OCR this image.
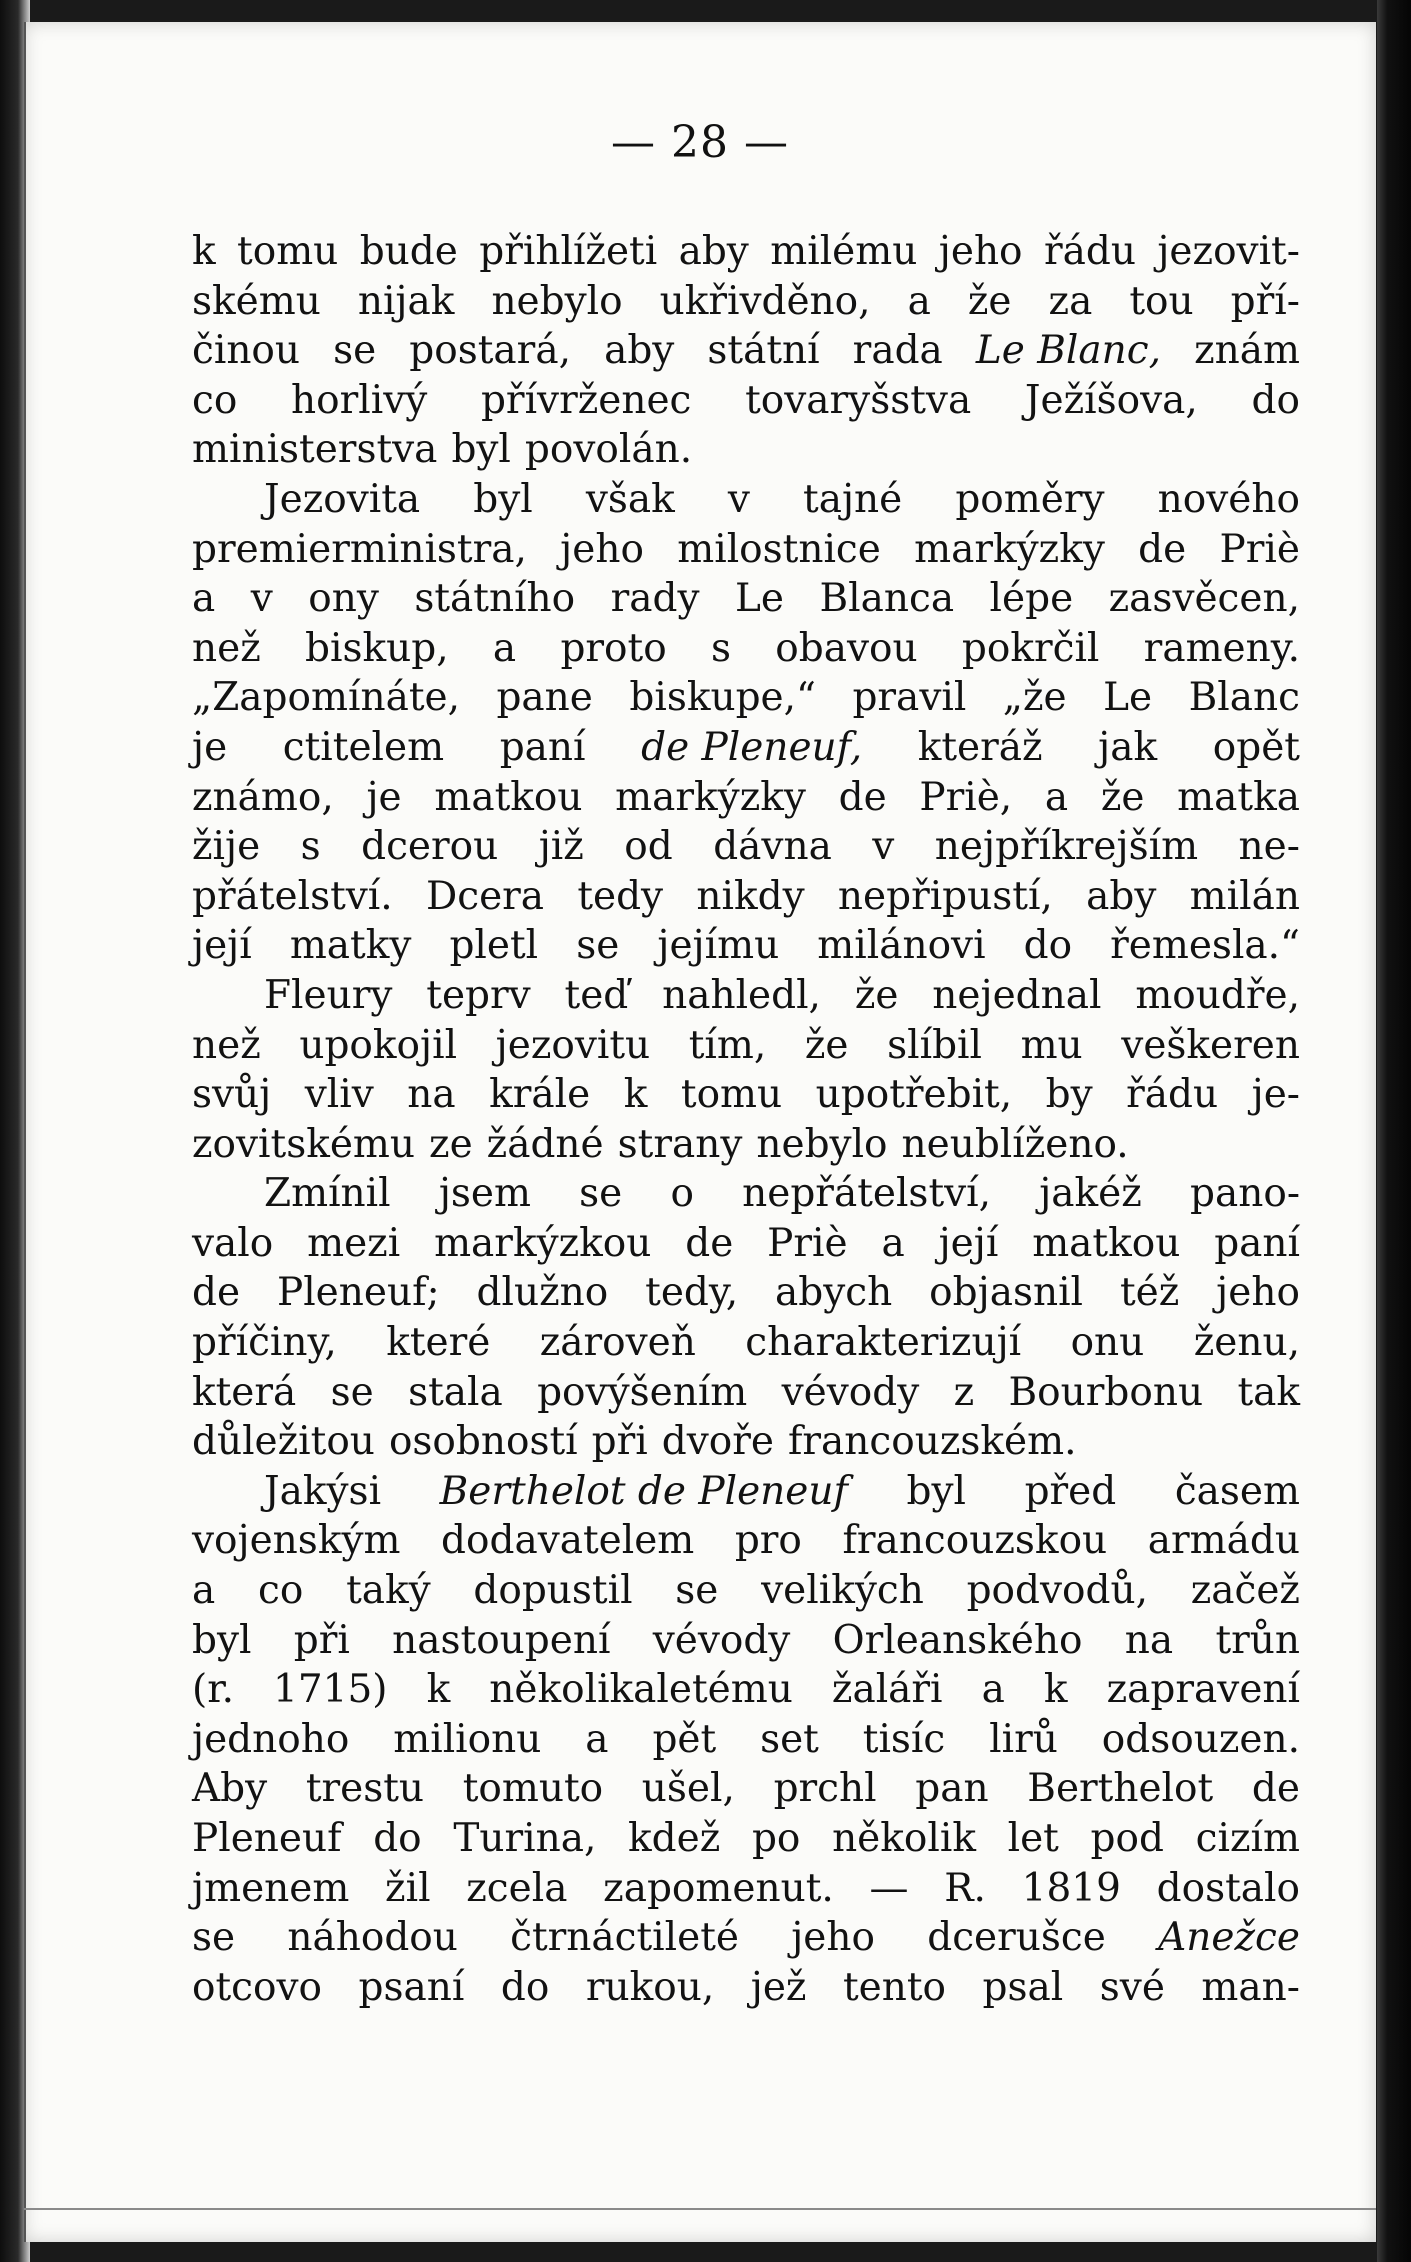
— 28 —
k tomu bude přihlížeti aby milému jeho řádu jezovit-
skému nijak nebylo ukřivděno, a že za tou pří-
činou se postará, aby státní rada Le Blanc, znám
co horlivý přívrženec tovaryšstva Ježíšova, do
ministerstva byl povolán.
Jezovita byl však v tajné poměry nového
premierministra, jeho milostnice markýzky de Priè
a v ony státního rady Le Blanca lépe zasvěcen,
než biskup, a proto s obavou pokrčil rameny.
„Zapomínáte, pane biskupe,“ pravil „že Le Blanc
je ctitelem paní de Pleneuf, kteráž jak opět
známo, je matkou markýzky de Priè, a že matka
žije s dcerou již od dávna v nejpříkrejším ne-
přátelství. Dcera tedy nikdy nepřipustí, aby milán
její matky pletl se jejímu milánovi do řemesla.“
Fleury teprv teď nahledl, že nejednal moudře,
než upokojil jezovitu tím, že slíbil mu veškeren
svůj vliv na krále k tomu upotřebit, by řádu je-
zovitskému ze žádné strany nebylo neublíženo.
Zmínil jsem se o nepřátelství, jakéž pano-
valo mezi markýzkou de Priè a její matkou paní
de Pleneuf; dlužno tedy, abych objasnil též jeho
příčiny, které zároveň charakterizují onu ženu,
která se stala povýšením vévody z Bourbonu tak
důležitou osobností při dvoře francouzském.
Jakýsi Berthelot de Pleneuf byl před časem
vojenským dodavatelem pro francouzskou armádu
a co taký dopustil se velikých podvodů, začež
byl při nastoupení vévody Orleanského na trůn
(r. 1715) k několikaletému žaláři a k zapravení
jednoho milionu a pět set tisíc lirů odsouzen.
Aby trestu tomuto ušel, prchl pan Berthelot de
Pleneuf do Turina, kdež po několik let pod cizím
jmenem žil zcela zapomenut. — R. 1819 dostalo
se náhodou čtrnáctileté jeho dcerušce Anežce
otcovo psaní do rukou, jež tento psal své man-
